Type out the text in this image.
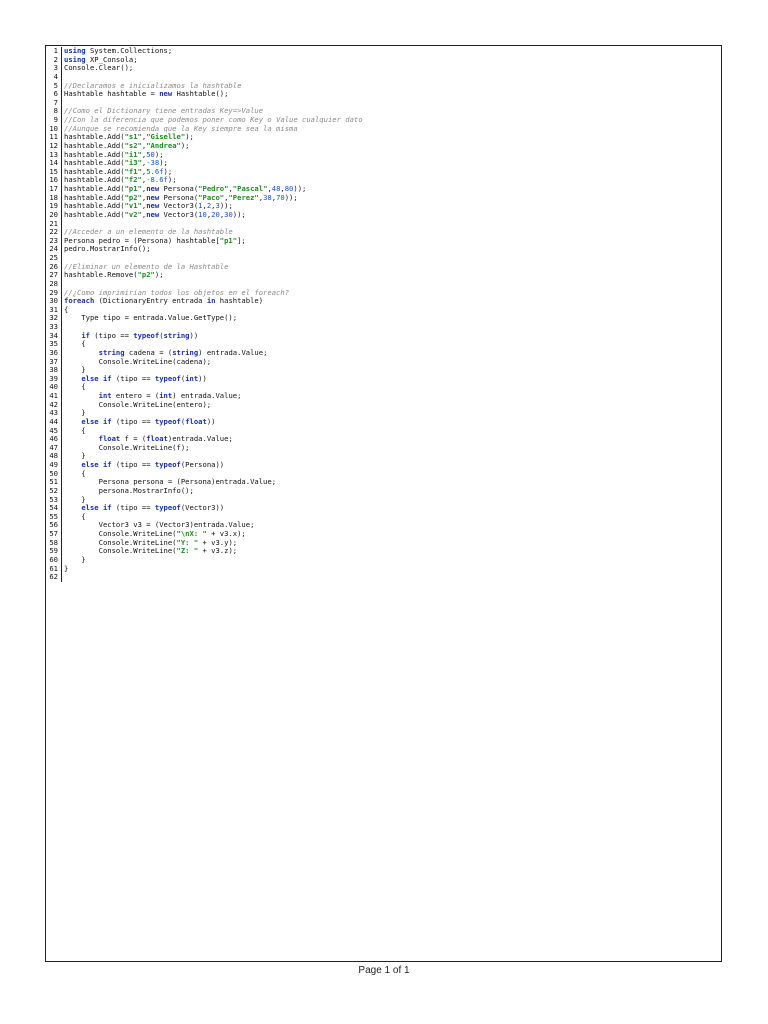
1 using System.Collections;
2 using XP_Consola;
3 Console.Clear();
4
5 //Declaramos e inicializamos la hashtable
6 Hashtable hashtable = new Hashtable();
7
8 //Como el Dictionary tiene entradas Key=>Value
9 //Con la diferencia que podemos poner como Key o Value cualquier dato
10 //Aunque se recomienda que la Key siempre sea la misma
11 hashtable.Add("s1","Giselle");
12 hashtable.Add("s2","Andrea");
13 hashtable.Add("i1",50);
14 hashtable.Add("i3",-38);
15 hashtable.Add("f1",5.6f);
16 hashtable.Add("f2",-8.6f);
17 hashtable.Add("p1",new Persona("Pedro","Pascal",48,80));
18 hashtable.Add("p2",new Persona("Paco","Perez",38,70));
19 hashtable.Add("v1",new Vector3(1,2,3));
20 hashtable.Add("v2",new Vector3(10,20,30));
21
22 //Acceder a un elemento de la hashtable
23 Persona pedro = (Persona) hashtable["p1"];
24 pedro.MostrarInfo();
25
26 //Eliminar un elemento de la Hashtable
27 hashtable.Remove("p2");
28
29 //¿Como imprimirian todos los objetos en el foreach?
30 foreach (DictionaryEntry entrada in hashtable)
31 {
32 Type tipo = entrada.Value.GetType();
33
34	if (tipo == typeof(string))
35 {
36	string cadena = (string) entrada.Value;
37 Console.WriteLine(cadena);
38 }
39	else if (tipo == typeof(int))
40 {
41	int entero = (int) entrada.Value;
42 Console.WriteLine(entero);
43 }
44	else if (tipo == typeof(float))
45 {
46	float f = (float)entrada.Value;
47 Console.WriteLine(f);
48 }
49	else if (tipo == typeof(Persona))
50 {
51 Persona persona = (Persona)entrada.Value;
52 persona.MostrarInfo();
53 }
54	else if (tipo == typeof(Vector3))
55 {
56 Vector3 v3 = (Vector3)entrada.Value;
57 Console.WriteLine("\nX: " + v3.x);
58 Console.WriteLine("Y: " + v3.y);
59 Console.WriteLine("Z: " + v3.z);
60 }
61 }
62
Page 1 of 1
